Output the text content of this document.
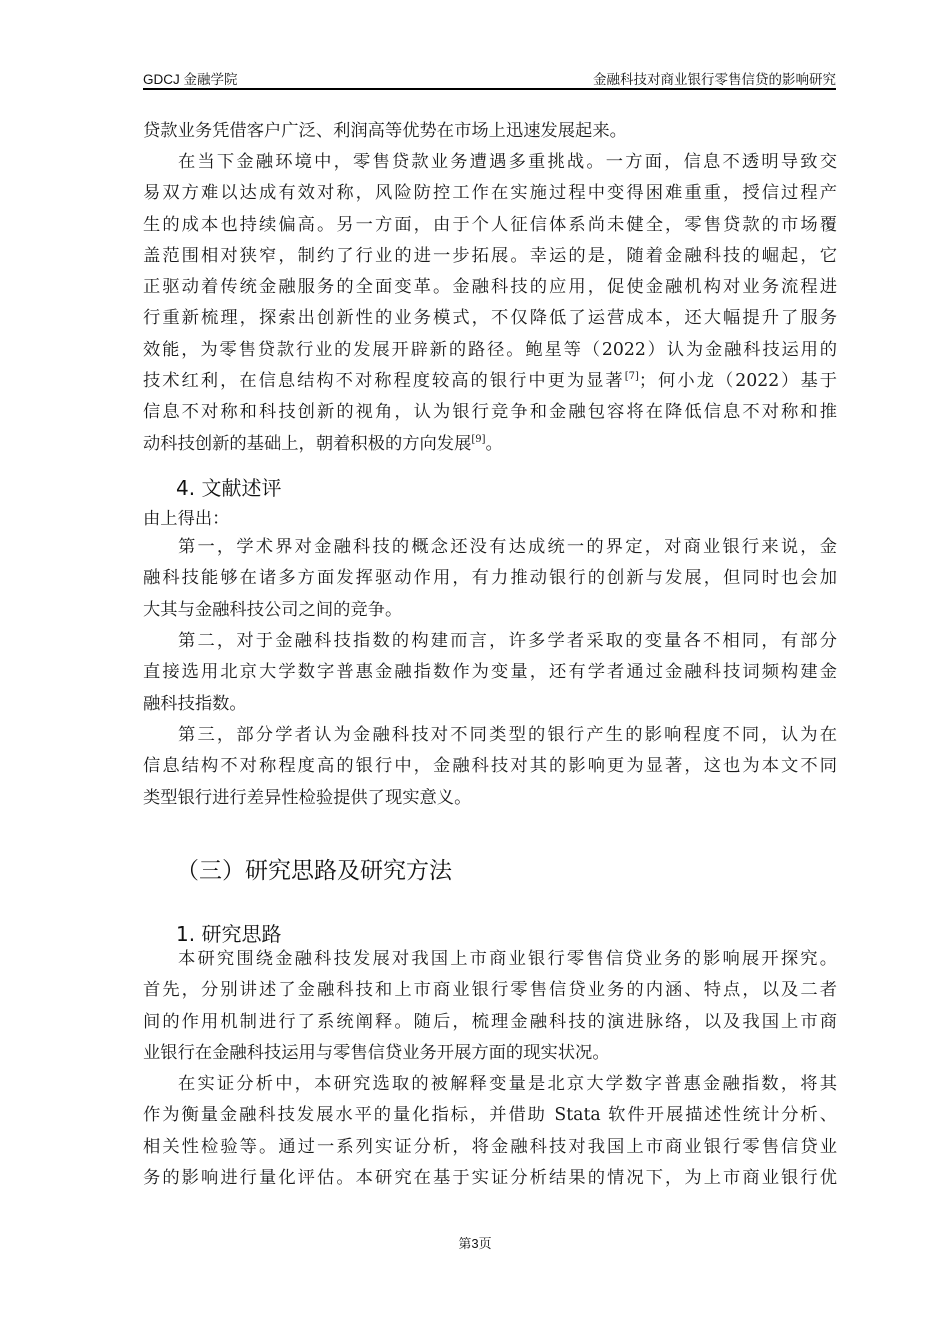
GDCJ 金融学院	金融科技对商业银行零售信贷的影响研究
贷款业务凭借客户广泛、利润高等优势在市场上迅速发展起来。
在当下金融环境中，零售贷款业务遭遇多重挑战。一方面，信息不透明导致交
易双方难以达成有效对称，风险防控工作在实施过程中变得困难重重，授信过程产
生的成本也持续偏高。另一方面，由于个人征信体系尚未健全，零售贷款的市场覆
盖范围相对狭窄，制约了行业的进一步拓展。幸运的是，随着金融科技的崛起，它
正驱动着传统金融服务的全面变革。金融科技的应用，促使金融机构对业务流程进
行重新梳理，探索出创新性的业务模式，不仅降低了运营成本，还大幅提升了服务
效能，为零售贷款行业的发展开辟新的路径。鲍星等（2022）认为金融科技运用的
技术红利，在信息结构不对称程度较高的银行中更为显著[7]；何小龙（2022）基于
信息不对称和科技创新的视角，认为银行竞争和金融包容将在降低信息不对称和推
动科技创新的基础上，朝着积极的方向发展[9]。
4. 文献述评
由上得出：
第一，学术界对金融科技的概念还没有达成统一的界定，对商业银行来说，金
融科技能够在诸多方面发挥驱动作用，有力推动银行的创新与发展，但同时也会加
大其与金融科技公司之间的竞争。
第二，对于金融科技指数的构建而言，许多学者采取的变量各不相同，有部分
直接选用北京大学数字普惠金融指数作为变量，还有学者通过金融科技词频构建金
融科技指数。
第三，部分学者认为金融科技对不同类型的银行产生的影响程度不同，认为在
信息结构不对称程度高的银行中，金融科技对其的影响更为显著，这也为本文不同
类型银行进行差异性检验提供了现实意义。
（三）研究思路及研究方法
1. 研究思路
本研究围绕金融科技发展对我国上市商业银行零售信贷业务的影响展开探究。
首先，分别讲述了金融科技和上市商业银行零售信贷业务的内涵、特点，以及二者
间的作用机制进行了系统阐释。随后，梳理金融科技的演进脉络，以及我国上市商
业银行在金融科技运用与零售信贷业务开展方面的现实状况。
在实证分析中，本研究选取的被解释变量是北京大学数字普惠金融指数，将其
作为衡量金融科技发展水平的量化指标，并借助 Stata 软件开展描述性统计分析、
相关性检验等。通过一系列实证分析，将金融科技对我国上市商业银行零售信贷业
务的影响进行量化评估。本研究在基于实证分析结果的情况下，为上市商业银行优
第3页
